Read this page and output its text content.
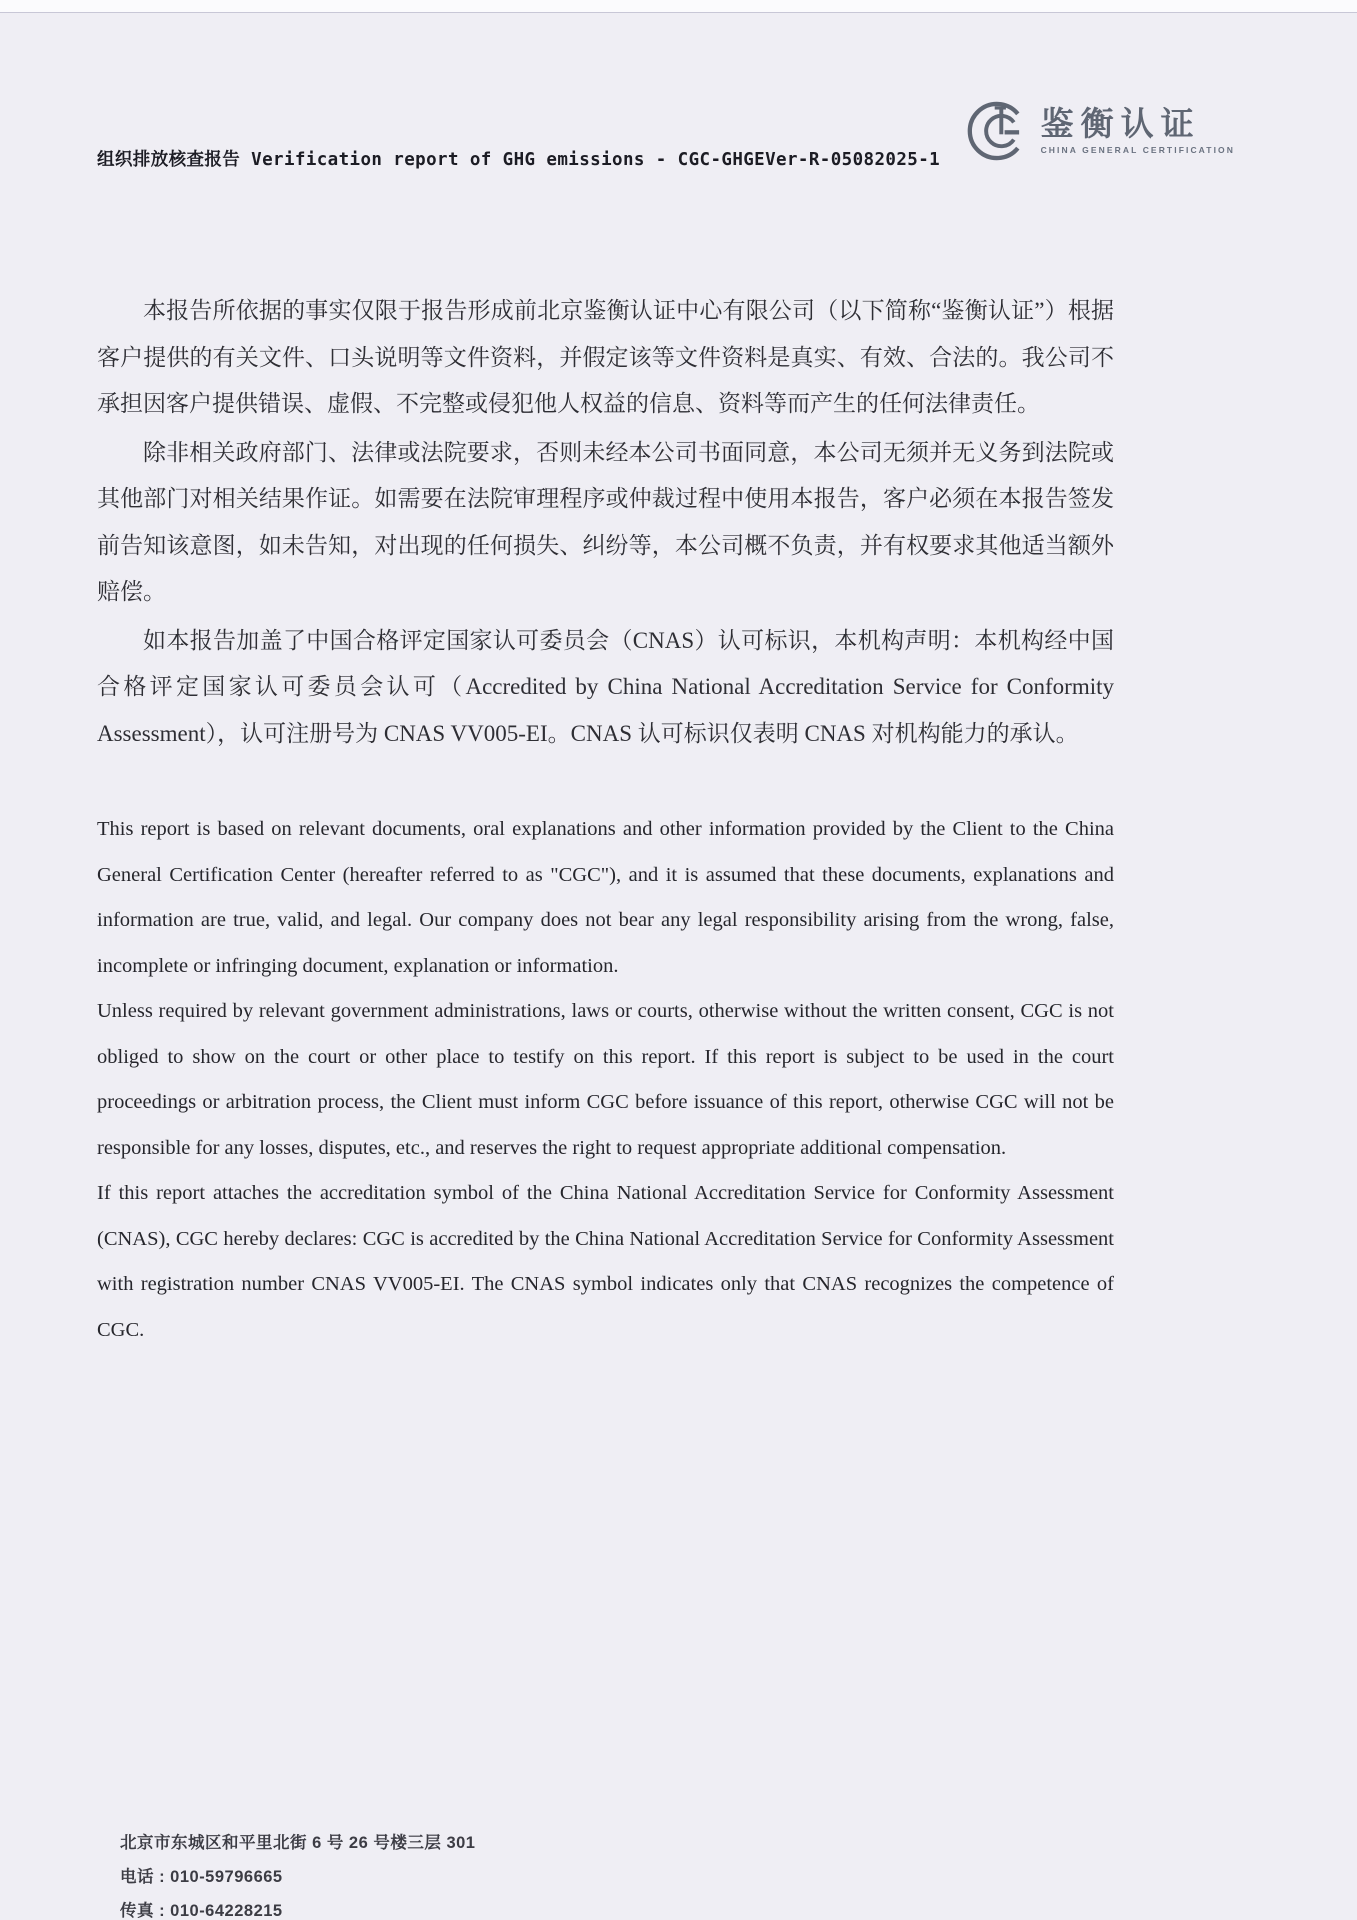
组织排放核查报告 Verification report of GHG emissions - CGC-GHGEVer-R-05082025-1
鉴衡认证
CHINA GENERAL CERTIFICATION

本报告所依据的事实仅限于报告形成前北京鉴衡认证中心有限公司（以下简称“鉴衡认证”）根据客户提供的有关文件、口头说明等文件资料，并假定该等文件资料是真实、有效、合法的。我公司不承担因客户提供错误、虚假、不完整或侵犯他人权益的信息、资料等而产生的任何法律责任。

除非相关政府部门、法律或法院要求，否则未经本公司书面同意，本公司无须并无义务到法院或其他部门对相关结果作证。如需要在法院审理程序或仲裁过程中使用本报告，客户必须在本报告签发前告知该意图，如未告知，对出现的任何损失、纠纷等，本公司概不负责，并有权要求其他适当额外赔偿。

如本报告加盖了中国合格评定国家认可委员会（CNAS）认可标识，本机构声明：本机构经中国合格评定国家认可委员会认可（Accredited by China National Accreditation Service for Conformity Assessment），认可注册号为 CNAS VV005-EI。CNAS 认可标识仅表明 CNAS 对机构能力的承认。

This report is based on relevant documents, oral explanations and other information provided by the Client to the China General Certification Center (hereafter referred to as "CGC"), and it is assumed that these documents, explanations and information are true, valid, and legal. Our company does not bear any legal responsibility arising from the wrong, false, incomplete or infringing document, explanation or information.

Unless required by relevant government administrations, laws or courts, otherwise without the written consent, CGC is not obliged to show on the court or other place to testify on this report. If this report is subject to be used in the court proceedings or arbitration process, the Client must inform CGC before issuance of this report, otherwise CGC will not be responsible for any losses, disputes, etc., and reserves the right to request appropriate additional compensation.

If this report attaches the accreditation symbol of the China National Accreditation Service for Conformity Assessment (CNAS), CGC hereby declares: CGC is accredited by the China National Accreditation Service for Conformity Assessment with registration number CNAS VV005-EI. The CNAS symbol indicates only that CNAS recognizes the competence of CGC.

北京市东城区和平里北街 6 号 26 号楼三层 301
电话 : 010-59796665
传真 : 010-64228215
